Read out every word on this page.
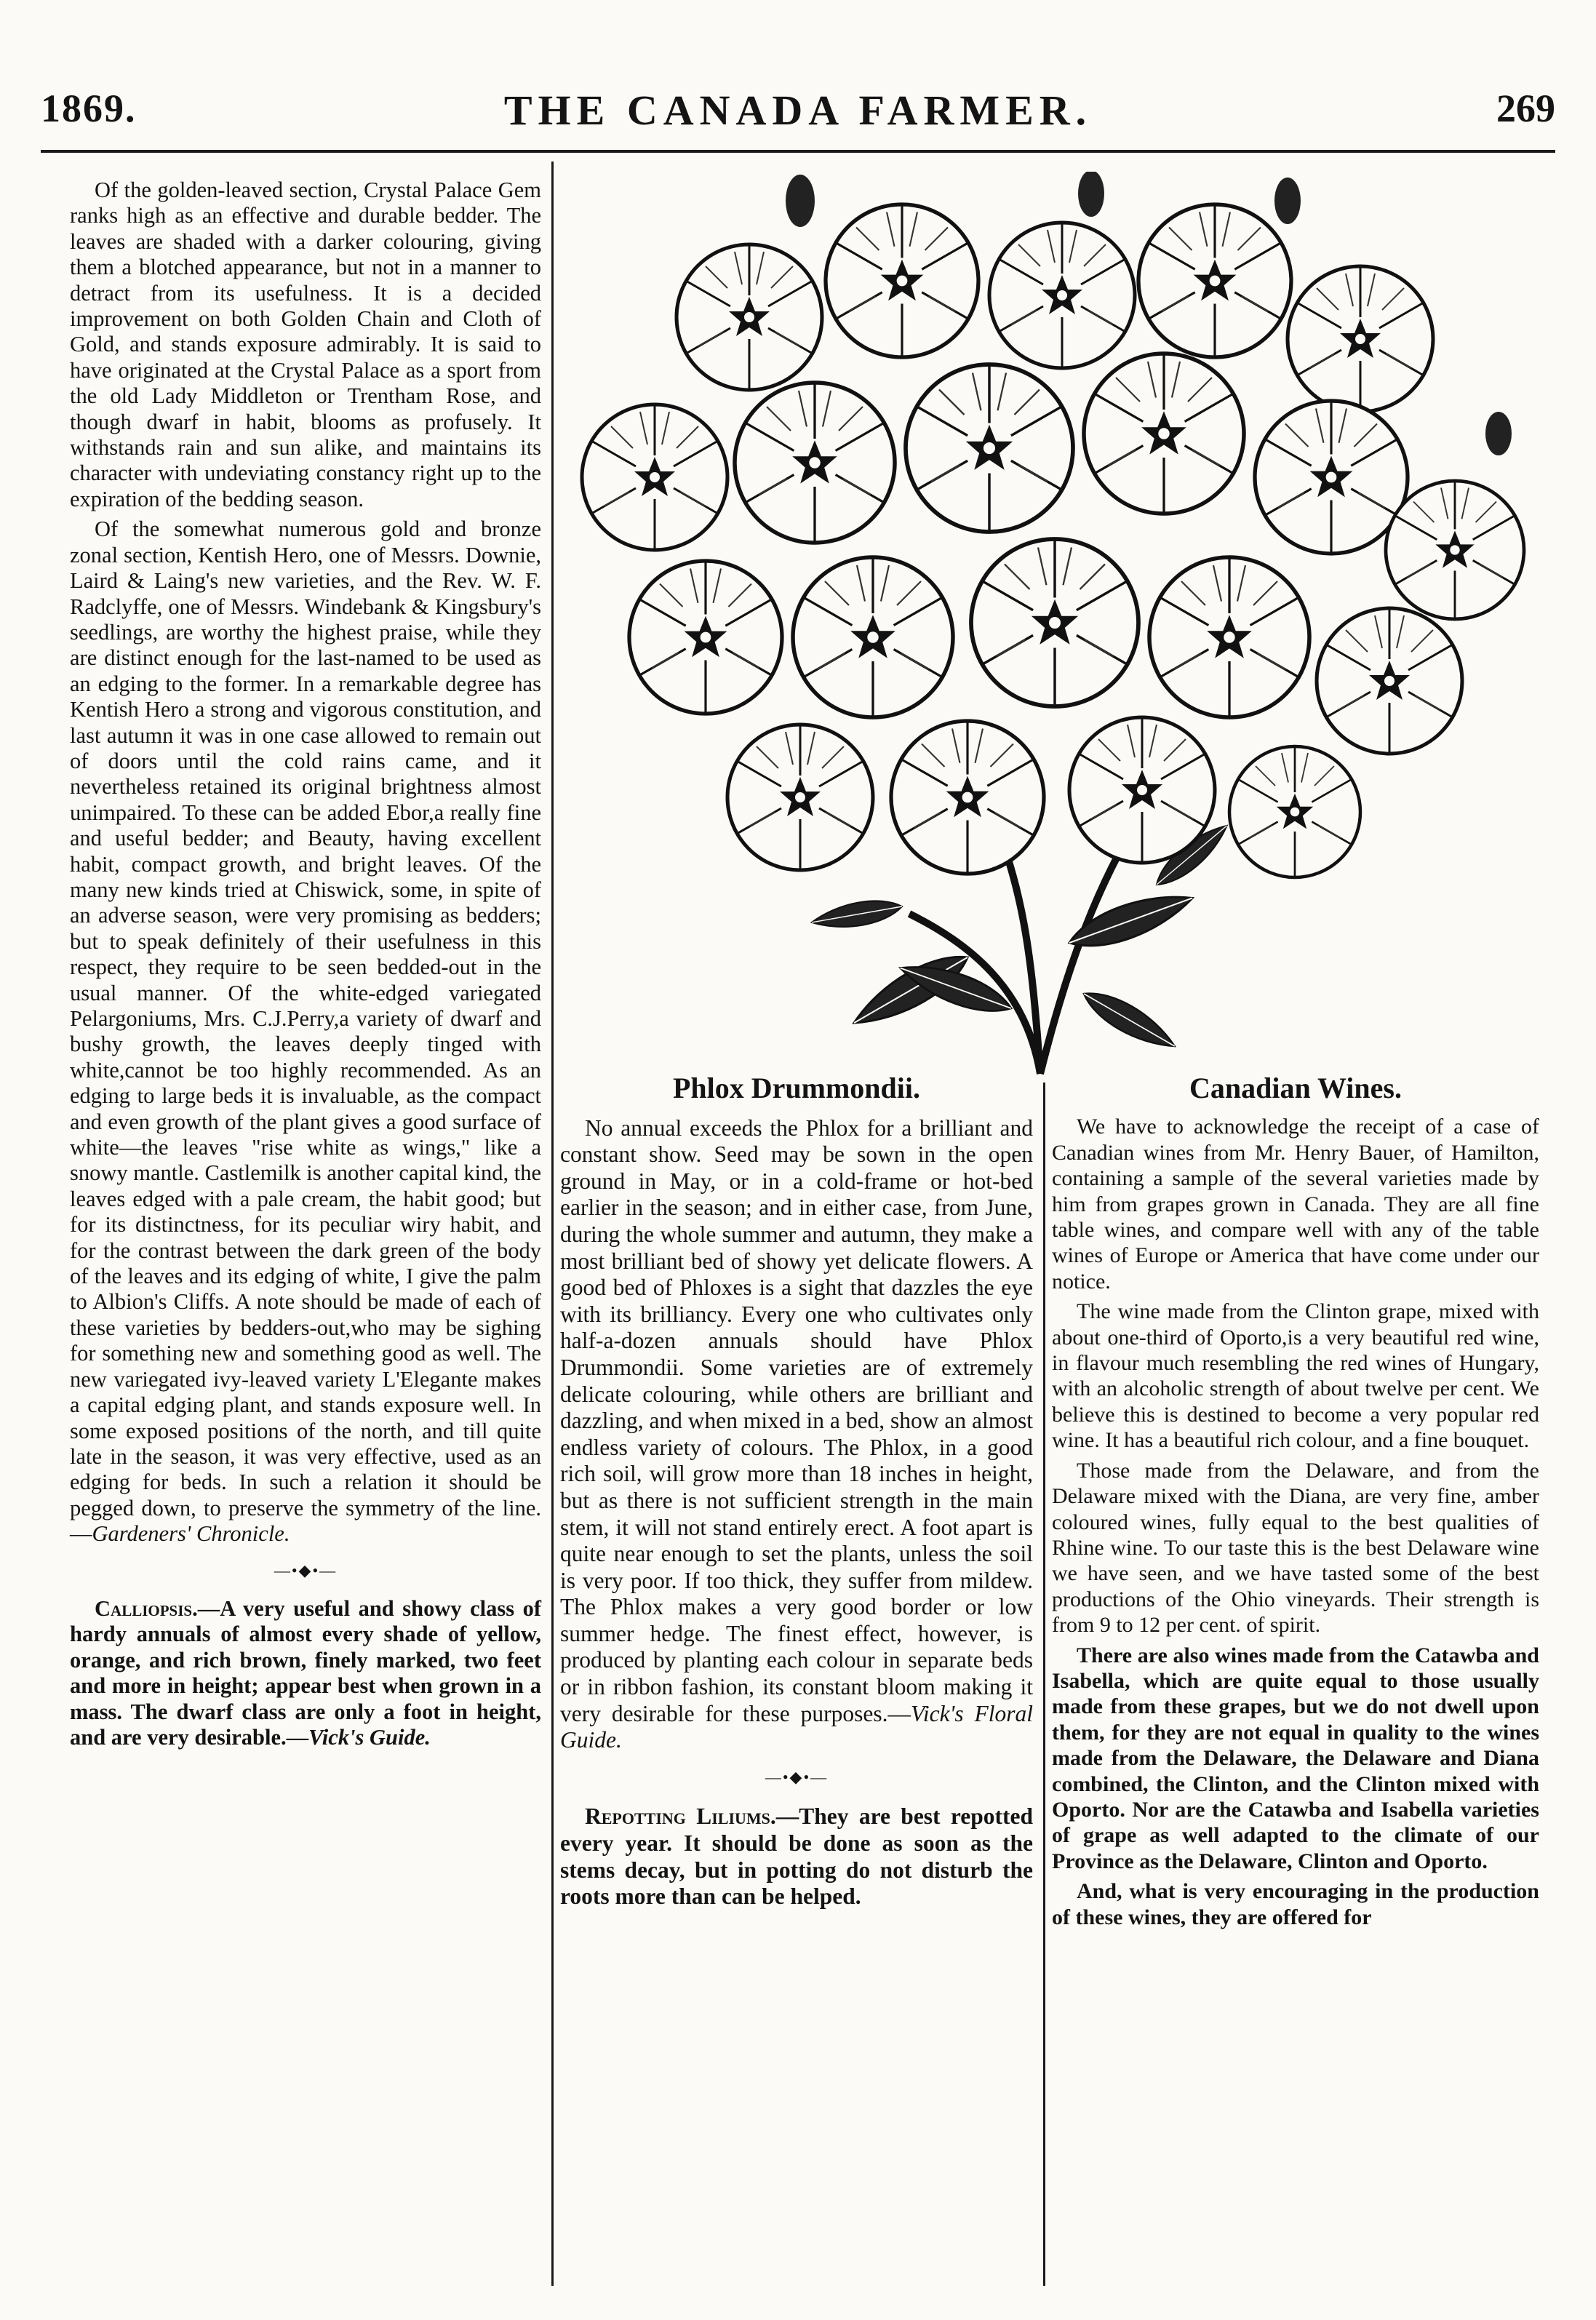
1869.	THE CANADA FARMER.	269

Of the golden-leaved section, Crystal Palace Gem ranks high as an effective and durable bedder. The leaves are shaded with a darker colouring, giving them a blotched appearance, but not in a manner to detract from its usefulness. It is a decided improvement on both Golden Chain and Cloth of Gold, and stands exposure admirably. It is said to have originated at the Crystal Palace as a sport from the old Lady Middleton or Trentham Rose, and though dwarf in habit, blooms as profusely. It withstands rain and sun alike, and maintains its character with undeviating constancy right up to the expiration of the bedding season.

Of the somewhat numerous gold and bronze zonal section, Kentish Hero, one of Messrs. Downie, Laird & Laing's new varieties, and the Rev. W. F. Radclyffe, one of Messrs. Windebank & Kingsbury's seedlings, are worthy the highest praise, while they are distinct enough for the last-named to be used as an edging to the former. In a remarkable degree has Kentish Hero a strong and vigorous constitution, and last autumn it was in one case allowed to remain out of doors until the cold rains came, and it nevertheless retained its original brightness almost unimpaired. To these can be added Ebor,a really fine and useful bedder; and Beauty, having excellent habit, compact growth, and bright leaves. Of the many new kinds tried at Chiswick, some, in spite of an adverse season, were very promising as bedders; but to speak definitely of their usefulness in this respect, they require to be seen bedded-out in the usual manner. Of the white-edged variegated Pelargoniums, Mrs. C.J.Perry,a variety of dwarf and bushy growth, the leaves deeply tinged with white,cannot be too highly recommended. As an edging to large beds it is invaluable, as the compact and even growth of the plant gives a good surface of white—the leaves "rise white as wings," like a snowy mantle. Castlemilk is another capital kind, the leaves edged with a pale cream, the habit good; but for its distinctness, for its peculiar wiry habit, and for the contrast between the dark green of the body of the leaves and its edging of white, I give the palm to Albion's Cliffs. A note should be made of each of these varieties by bedders-out,who may be sighing for something new and something good as well. The new variegated ivy-leaved variety L'Elegante makes a capital edging plant, and stands exposure well. In some exposed positions of the north, and till quite late in the season, it was very effective, used as an edging for beds. In such a relation it should be pegged down, to preserve the symmetry of the line.—Gardeners' Chronicle.

—•◆•—

Calliopsis.—A very useful and showy class of hardy annuals of almost every shade of yellow, orange, and rich brown, finely marked, two feet and more in height; appear best when grown in a mass. The dwarf class are only a foot in height, and are very desirable.—Vick's Guide.

Phlox Drummondii.

No annual exceeds the Phlox for a brilliant and constant show. Seed may be sown in the open ground in May, or in a cold-frame or hot-bed earlier in the season; and in either case, from June, during the whole summer and autumn, they make a most brilliant bed of showy yet delicate flowers. A good bed of Phloxes is a sight that dazzles the eye with its brilliancy. Every one who cultivates only half-a-dozen annuals should have Phlox Drummondii. Some varieties are of extremely delicate colouring, while others are brilliant and dazzling, and when mixed in a bed, show an almost endless variety of colours. The Phlox, in a good rich soil, will grow more than 18 inches in height, but as there is not sufficient strength in the main stem, it will not stand entirely erect. A foot apart is quite near enough to set the plants, unless the soil is very poor. If too thick, they suffer from mildew. The Phlox makes a very good border or low summer hedge. The finest effect, however, is produced by planting each colour in separate beds or in ribbon fashion, its constant bloom making it very desirable for these purposes.—Vick's Floral Guide.

—•◆•—

Repotting Liliums.—They are best repotted every year. It should be done as soon as the stems decay, but in potting do not disturb the roots more than can be helped.

Canadian Wines.

We have to acknowledge the receipt of a case of Canadian wines from Mr. Henry Bauer, of Hamilton, containing a sample of the several varieties made by him from grapes grown in Canada. They are all fine table wines, and compare well with any of the table wines of Europe or America that have come under our notice.

The wine made from the Clinton grape, mixed with about one-third of Oporto,is a very beautiful red wine, in flavour much resembling the red wines of Hungary, with an alcoholic strength of about twelve per cent. We believe this is destined to become a very popular red wine. It has a beautiful rich colour, and a fine bouquet.

Those made from the Delaware, and from the Delaware mixed with the Diana, are very fine, amber coloured wines, fully equal to the best qualities of Rhine wine. To our taste this is the best Delaware wine we have seen, and we have tasted some of the best productions of the Ohio vineyards. Their strength is from 9 to 12 per cent. of spirit.

There are also wines made from the Catawba and Isabella, which are quite equal to those usually made from these grapes, but we do not dwell upon them, for they are not equal in quality to the wines made from the Delaware, the Delaware and Diana combined, the Clinton, and the Clinton mixed with Oporto. Nor are the Catawba and Isabella varieties of grape as well adapted to the climate of our Province as the Delaware, Clinton and Oporto.

And, what is very encouraging in the production of these wines, they are offered for
